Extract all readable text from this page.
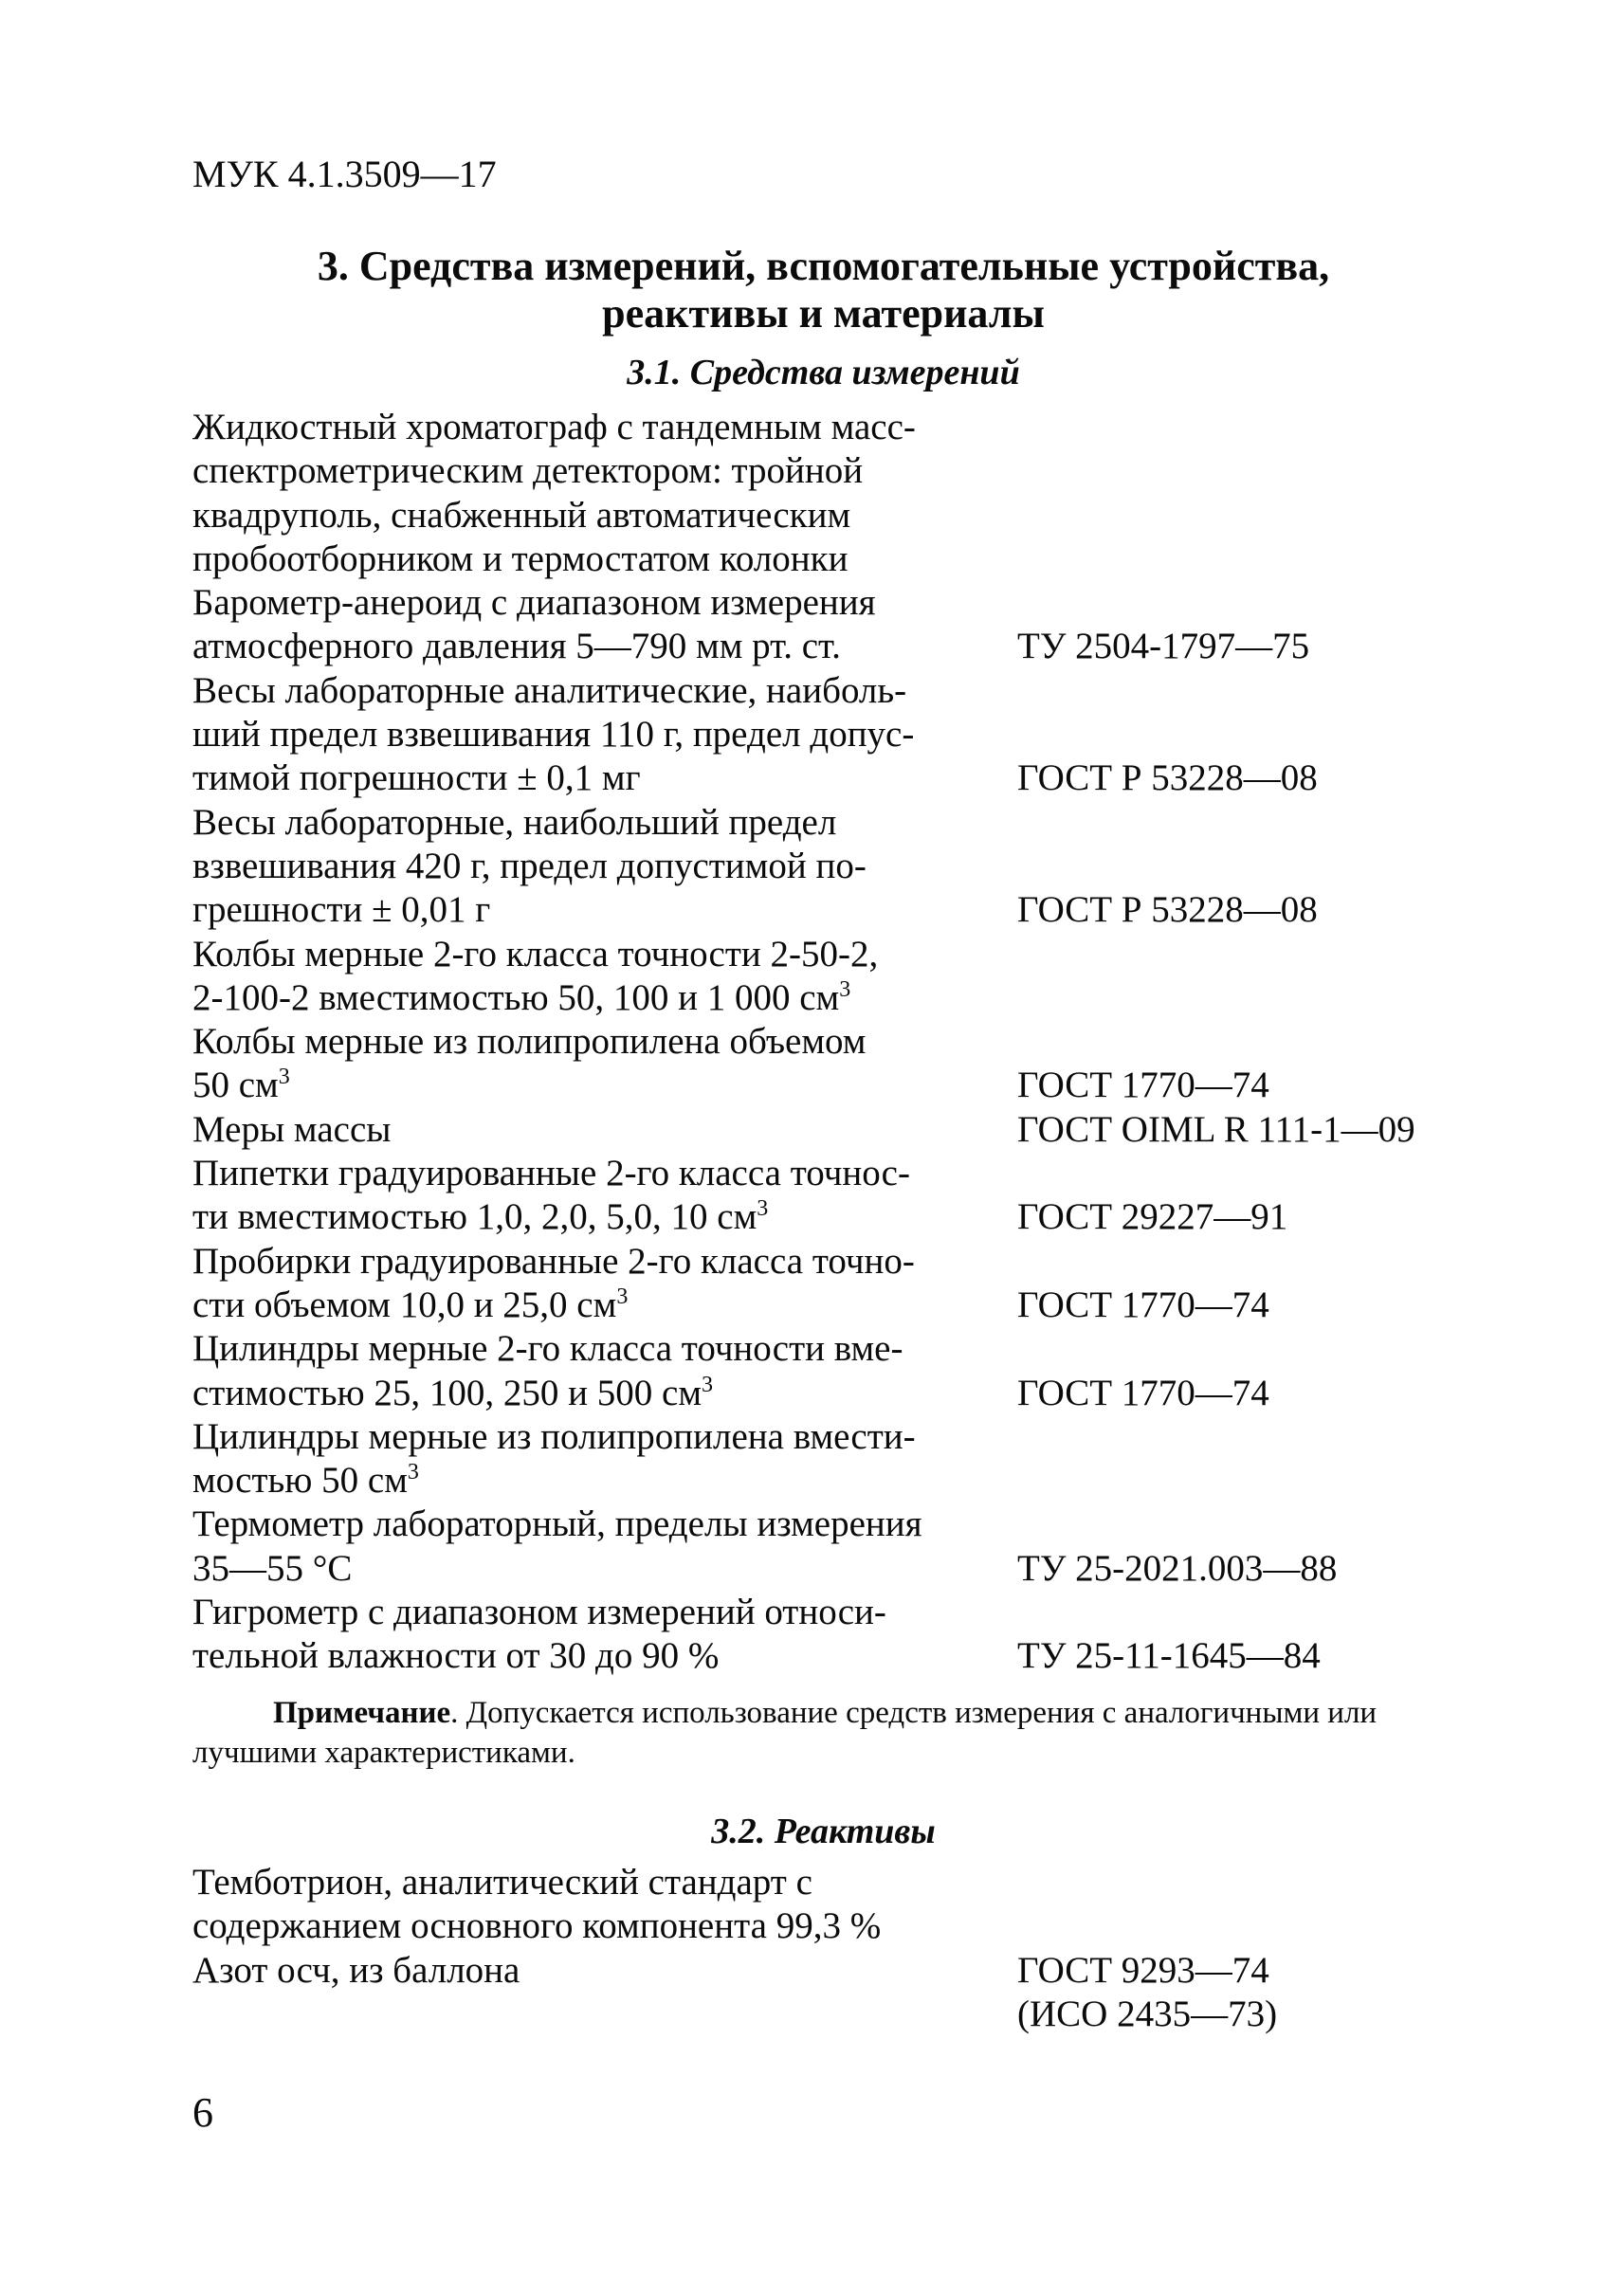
МУК 4.1.3509—17
3. Средства измерений, вспомогательные устройства,
реактивы и материалы
3.1. Средства измерений
Жидкостный хроматограф с тандемным масс-
спектрометрическим детектором: тройной
квадруполь, снабженный автоматическим
пробоотборником и термостатом колонки
Барометр-анероид с диапазоном измерения
атмосферного давления 5—790 мм рт. ст.	ТУ 2504-1797—75
Весы лабораторные аналитические, наиболь-
ший предел взвешивания 110 г, предел допус-
тимой погрешности ± 0,1 мг	ГОСТ Р 53228—08
Весы лабораторные, наибольший предел
взвешивания 420 г, предел допустимой по-
грешности ± 0,01 г	ГОСТ Р 53228—08
Колбы мерные 2-го класса точности 2-50-2,
2-100-2 вместимостью 50, 100 и 1 000 $см^3$
Колбы мерные из полипропилена объемом
50 $см^3$	ГОСТ 1770—74
Меры массы	ГОСТ OIML R 111-1—09
Пипетки градуированные 2-го класса точнос-
ти вместимостью 1,0, 2,0, 5,0, 10 $см^3$	ГОСТ 29227—91
Пробирки градуированные 2-го класса точно-
сти объемом 10,0 и 25,0 $см^3$	ГОСТ 1770—74
Цилиндры мерные 2-го класса точности вме-
стимостью 25, 100, 250 и 500 $см^3$	ГОСТ 1770—74
Цилиндры мерные из полипропилена вмести-
мостью 50 $см^3$
Термометр лабораторный, пределы измерения
35—55 °С	ТУ 25-2021.003—88
Гигрометр с диапазоном измерений относи-
тельной влажности от 30 до 90 %	ТУ 25-11-1645—84
Примечание. Допускается использование средств измерения с аналогичными или лучшими характеристиками.
3.2. Реактивы
Темботрион, аналитический стандарт с
содержанием основного компонента 99,3 %
Азот осч, из баллона	ГОСТ 9293—74

(ИСО 2435—73)
6
